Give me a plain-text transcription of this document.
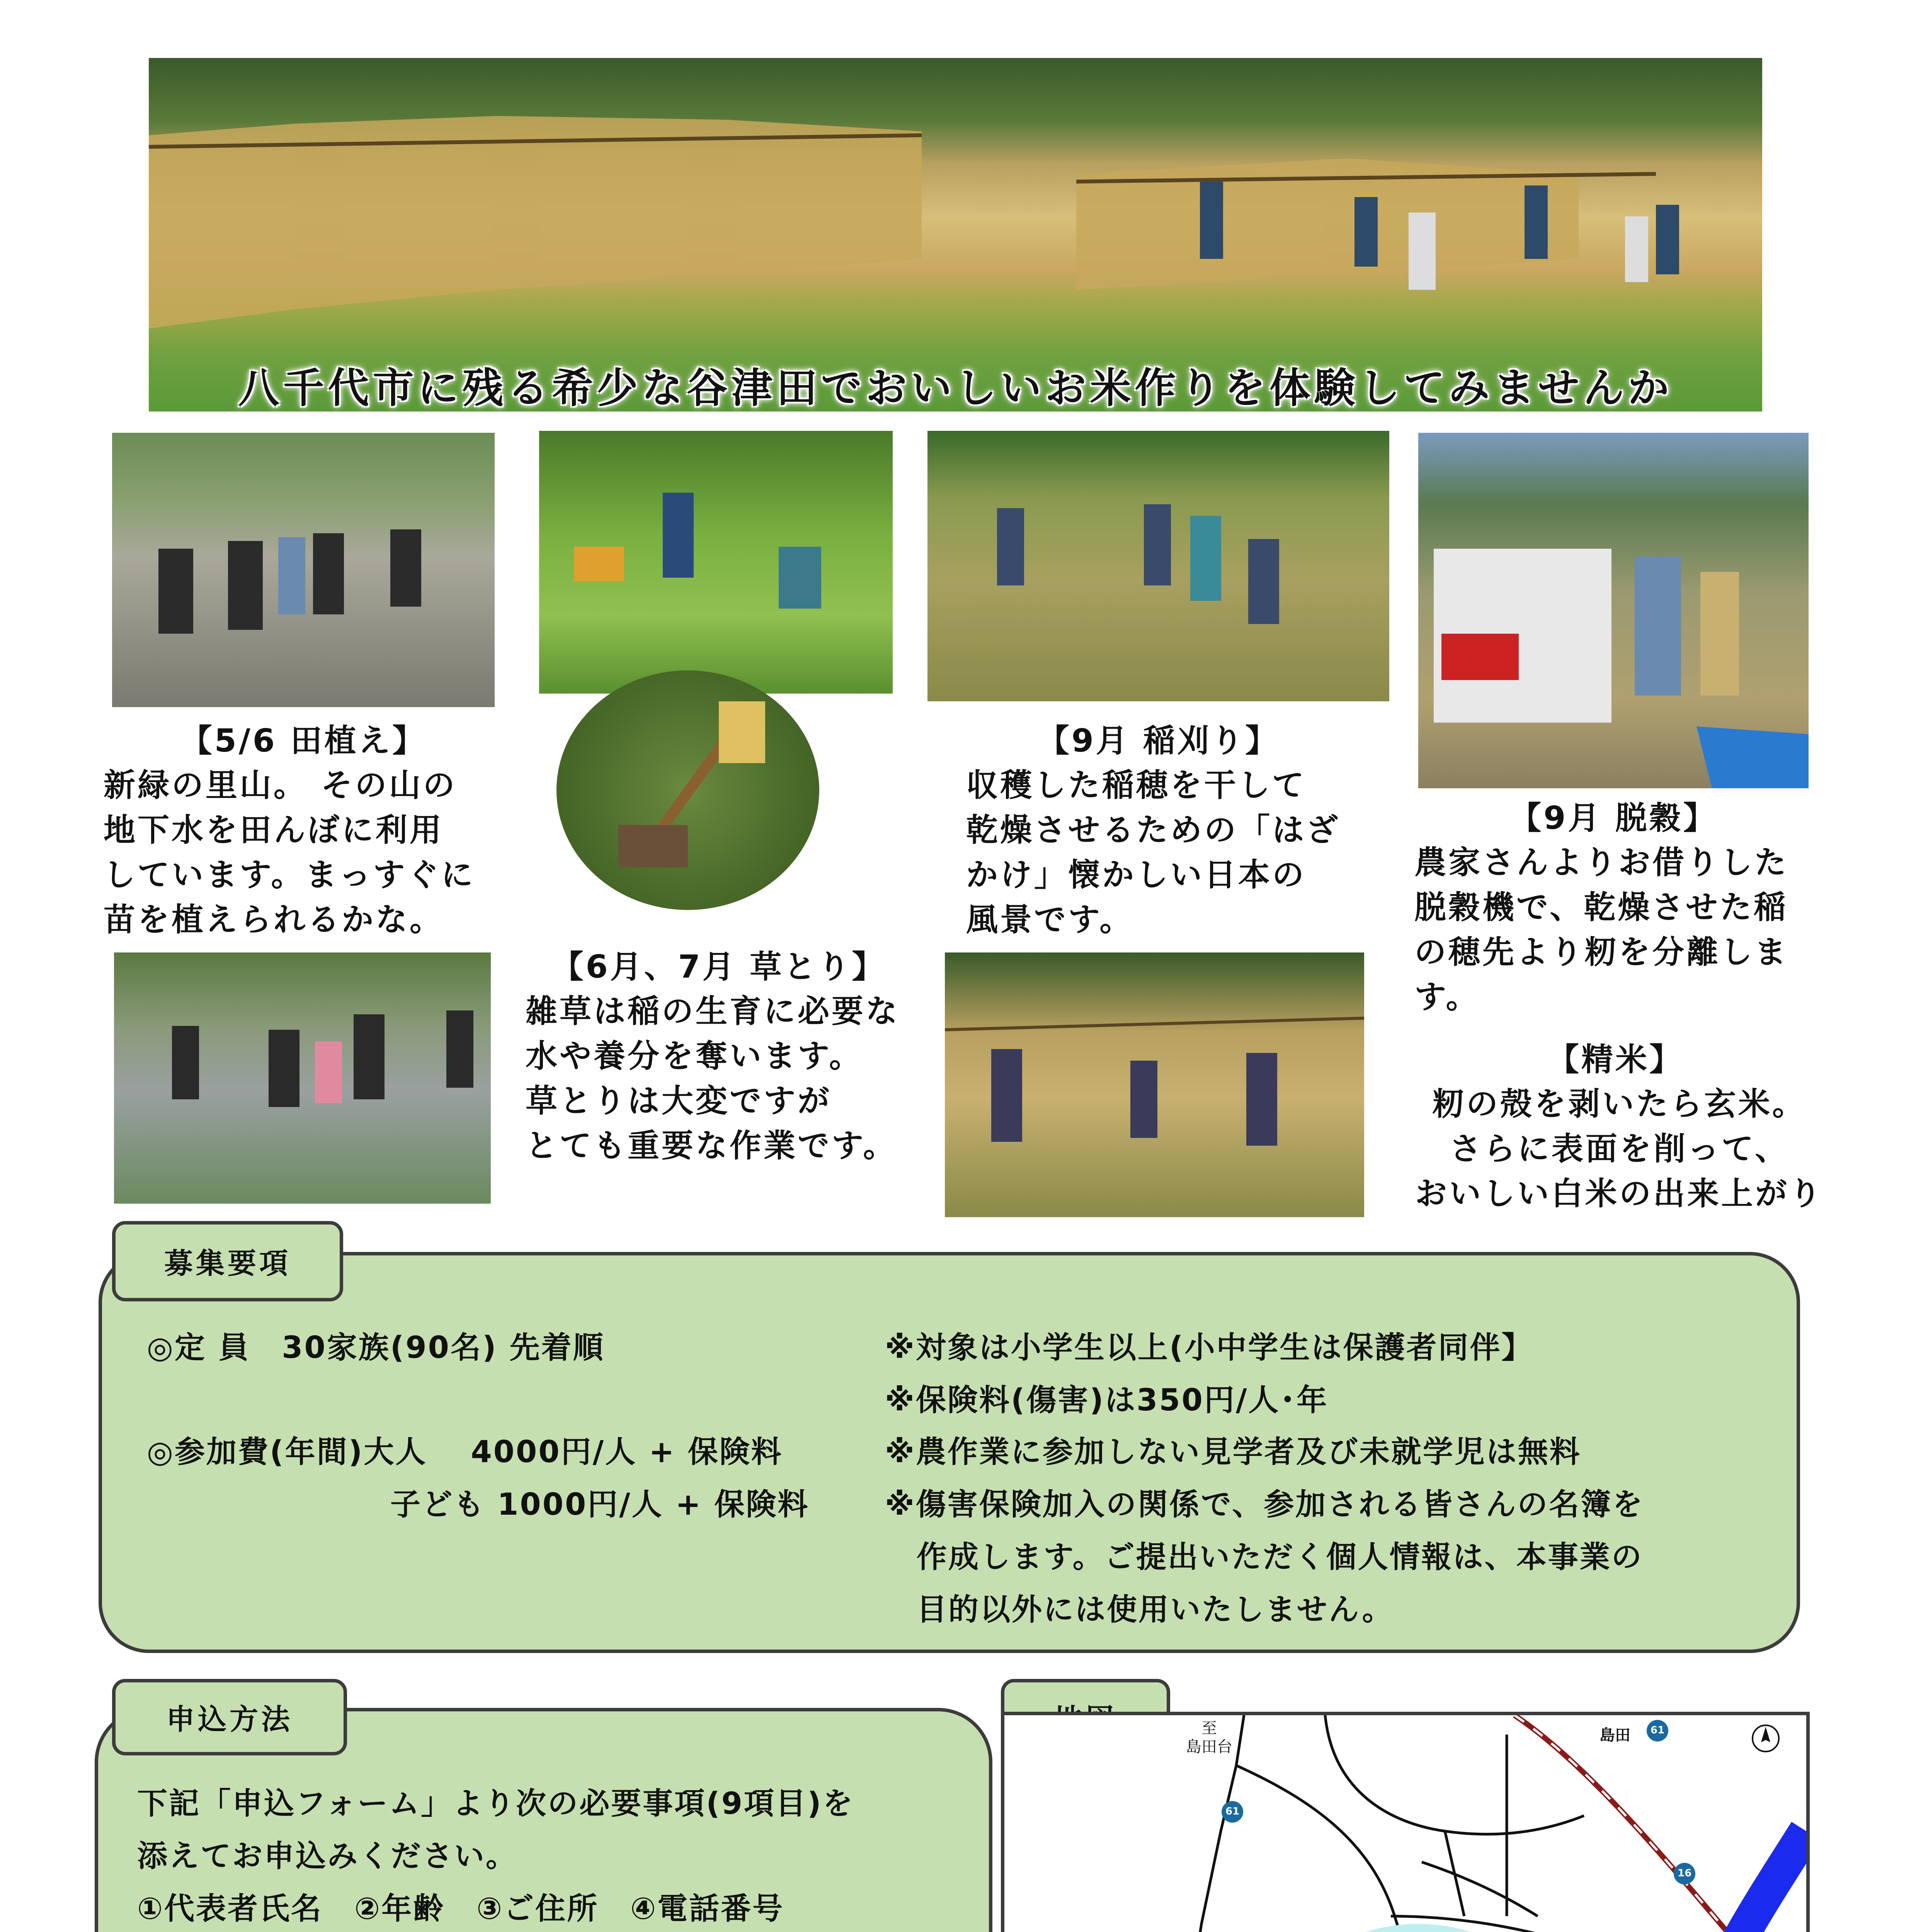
八千代市に残る希少な谷津田でおいしいお米作りを体験してみませんか
【5/6 田植え】
新緑の里山。 その山の
地下水を田んぼに利用
しています。まっすぐに
苗を植えられるかな。
【9月 稲刈り】
収穫した稲穂を干して
乾燥させるための「はざ
かけ」懐かしい日本の
風景です。
【9月 脱穀】
農家さんよりお借りした
脱穀機で、乾燥させた稲
の穂先より籾を分離しま
す。
【6月、7月 草とり】
雑草は稲の生育に必要な
水や養分を奪います。
草とりは大変ですが
とても重要な作業です。
【精米】
籾の殻を剥いたら玄米。
さらに表面を削って、
おいしい白米の出来上がり
募集要項
◎定 員　30家族(90名) 先着順
◎参加費(年間)大人　 4000円/人 + 保険料
子ども 1000円/人 + 保険料
※対象は小学生以上(小中学生は保護者同伴】
※保険料(傷害)は350円/人･年
※農作業に参加しない見学者及び未就学児は無料
※傷害保険加入の関係で、参加される皆さんの名簿を
　作成します。ご提出いただく個人情報は、本事業の
　目的以外には使用いたしません。
申込方法
下記「申込フォーム」より次の必要事項(9項目)を
添えてお申込みください。
①代表者氏名　②年齢　③ご住所　④電話番号
島田
至
島田台
61
61
16
